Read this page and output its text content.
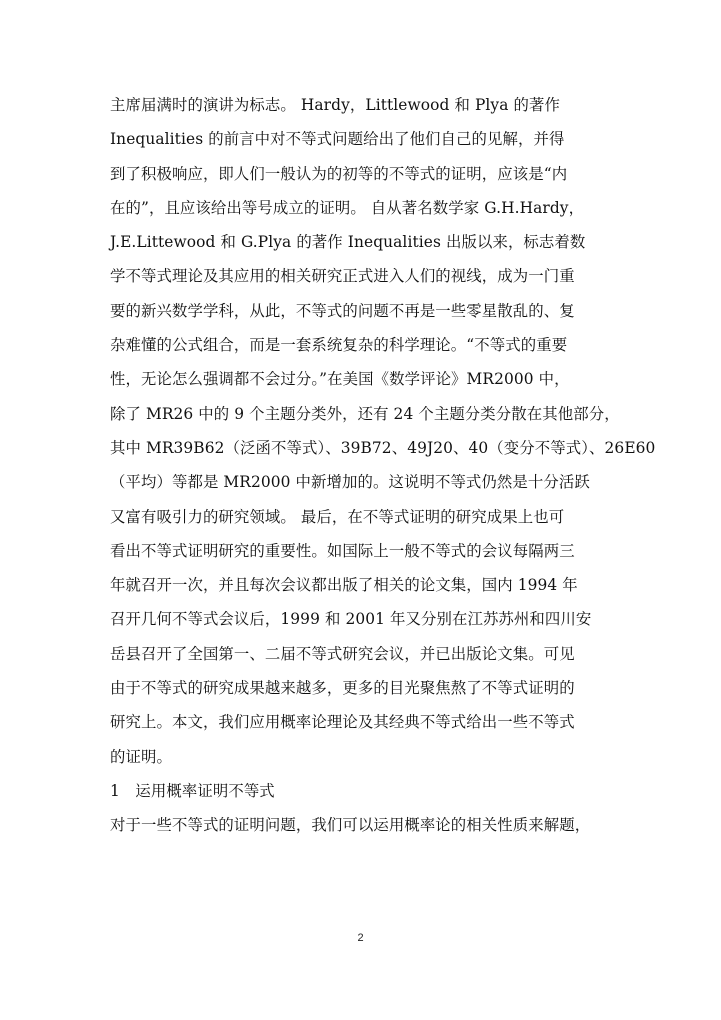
主席届满时的演讲为标志。 Hardy，Littlewood 和 Plya 的著作
Inequalities 的前言中对不等式问题给出了他们自己的见解，并得
到了积极响应，即人们一般认为的初等的不等式的证明，应该是“内
在的”，且应该给出等号成立的证明。 自从著名数学家 G.H.Hardy，
J.E.Littewood 和 G.Plya 的著作 Inequalities 出版以来，标志着数
学不等式理论及其应用的相关研究正式进入人们的视线，成为一门重
要的新兴数学学科，从此，不等式的问题不再是一些零星散乱的、复
杂难懂的公式组合，而是一套系统复杂的科学理论。“不等式的重要
性，无论怎么强调都不会过分。”在美国《数学评论》MR2000 中，
除了 MR26 中的 9 个主题分类外，还有 24 个主题分类分散在其他部分，
其中 MR39B62（泛函不等式）、39B72、49J20、40（变分不等式）、26E60
（平均）等都是 MR2000 中新增加的。这说明不等式仍然是十分活跃
又富有吸引力的研究领域。 最后，在不等式证明的研究成果上也可
看出不等式证明研究的重要性。如国际上一般不等式的会议每隔两三
年就召开一次，并且每次会议都出版了相关的论文集，国内 1994 年
召开几何不等式会议后，1999 和 2001 年又分别在江苏苏州和四川安
岳县召开了全国第一、二届不等式研究会议，并已出版论文集。可见
由于不等式的研究成果越来越多，更多的目光聚焦熬了不等式证明的
研究上。本文，我们应用概率论理论及其经典不等式给出一些不等式
的证明。
1　运用概率证明不等式
对于一些不等式的证明问题，我们可以运用概率论的相关性质来解题，
2
